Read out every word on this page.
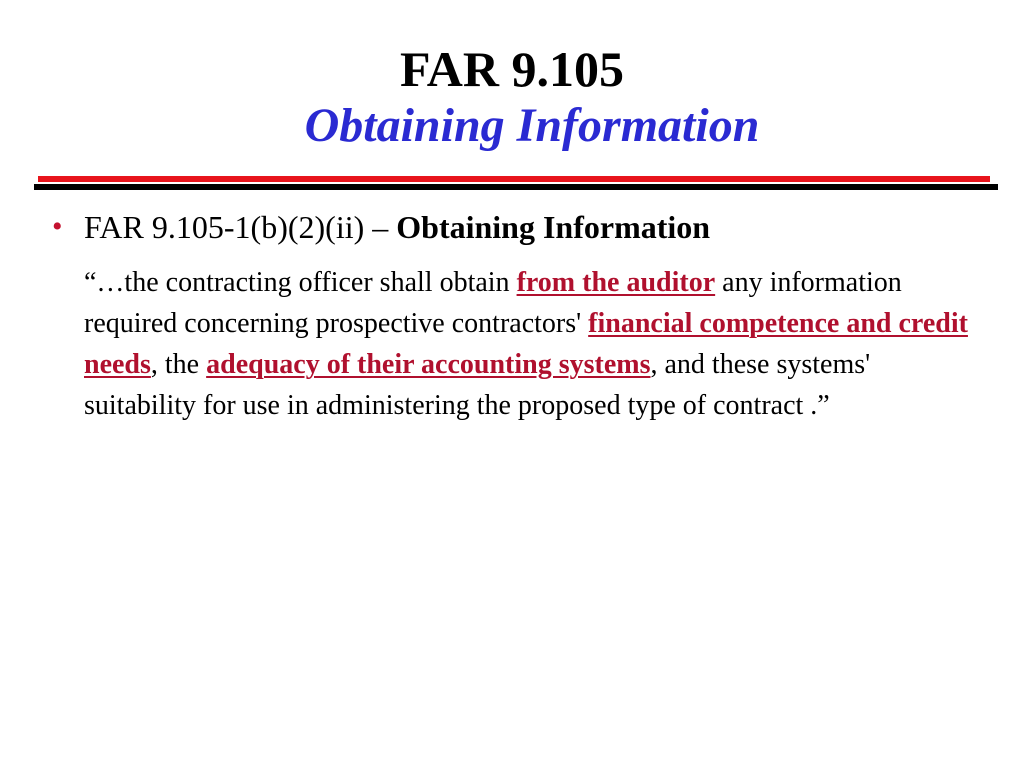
FAR 9.105
Obtaining Information
• FAR 9.105-1(b)(2)(ii) – Obtaining Information
“…the contracting officer shall obtain from the auditor any information required concerning prospective contractors' financial competence and credit needs, the adequacy of their accounting systems, and these systems' suitability for use in administering the proposed type of contract .”
